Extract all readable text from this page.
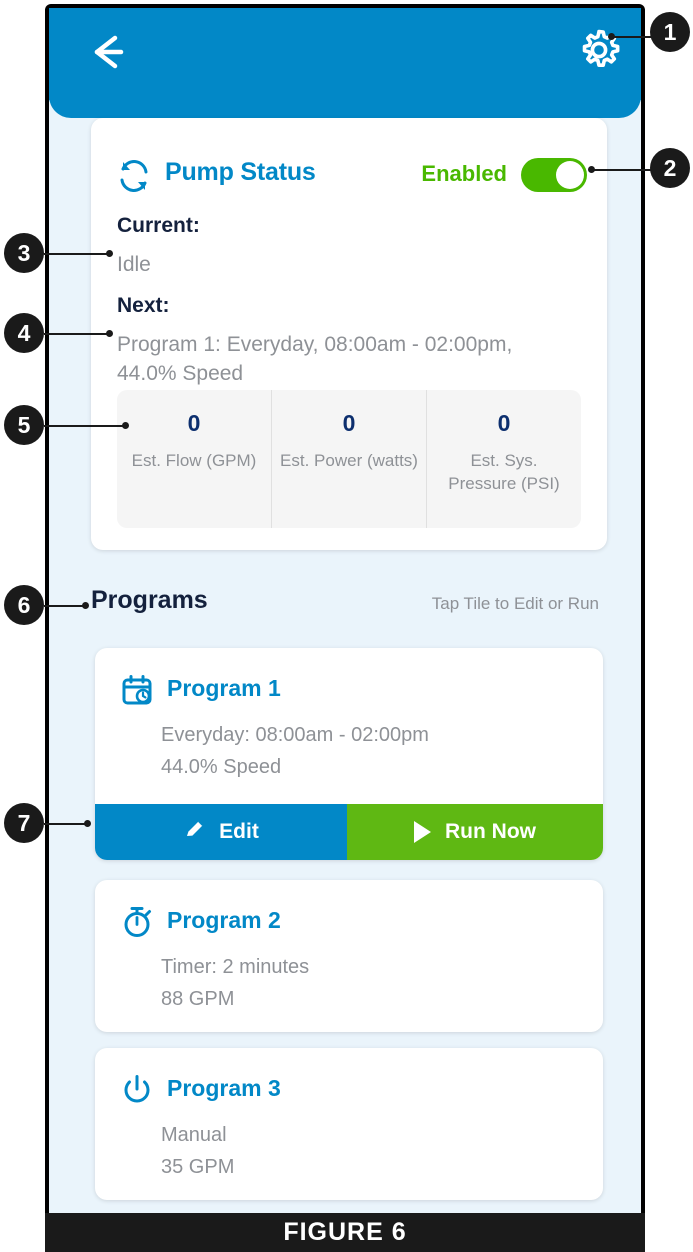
Pump Status	Enabled
Current:
Idle
Next:
Program 1: Everyday, 08:00am - 02:00pm, 44.0% Speed
0
Est. Flow (GPM)
0
Est. Power (watts)
0
Est. Sys. Pressure (PSI)
Programs	Tap Tile to Edit or Run
Program 1
Everyday: 08:00am - 02:00pm
44.0% Speed
Edit	Run Now
Program 2
Timer: 2 minutes
88 GPM
Program 3
Manual
35 GPM
FIGURE 6
1
2
3
4
5
6
7
